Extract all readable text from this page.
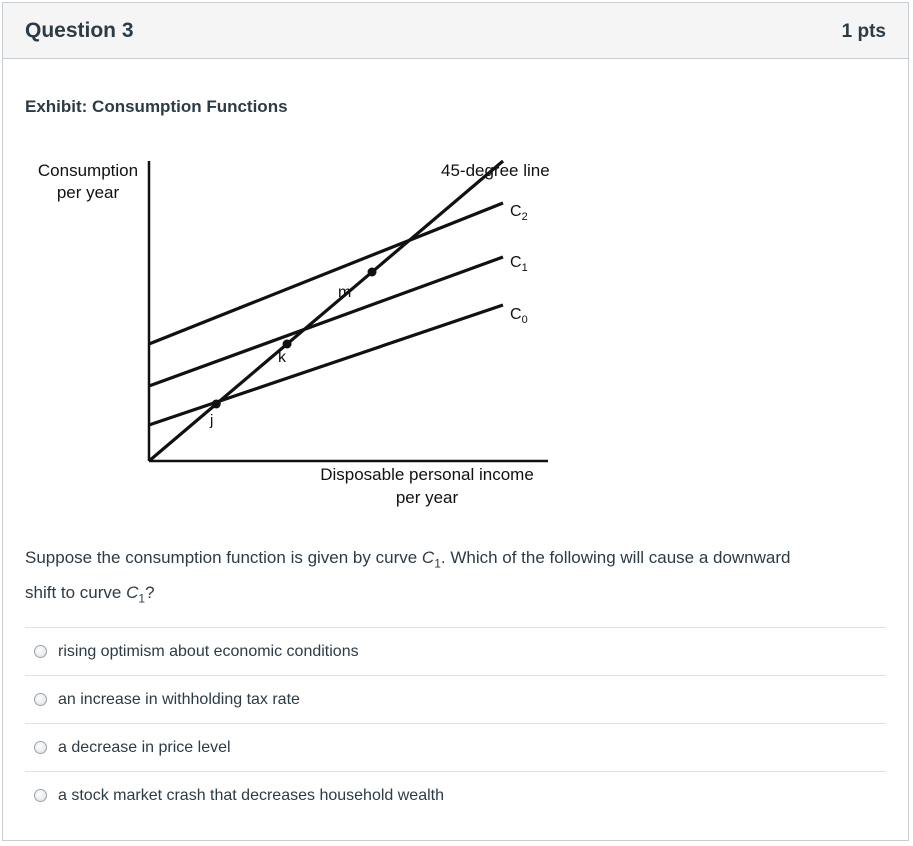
Question 3	1 pts
Exhibit: Consumption Functions
Consumption
per year
Disposable personal income
per year
45-degree line
$C_2$
$C_1$
$C_0$
j
k
m
Suppose the consumption function is given by curve $C_1$. Which of the following will cause a downward shift to curve $C_1$?
rising optimism about economic conditions
an increase in withholding tax rate
a decrease in price level
a stock market crash that decreases household wealth
